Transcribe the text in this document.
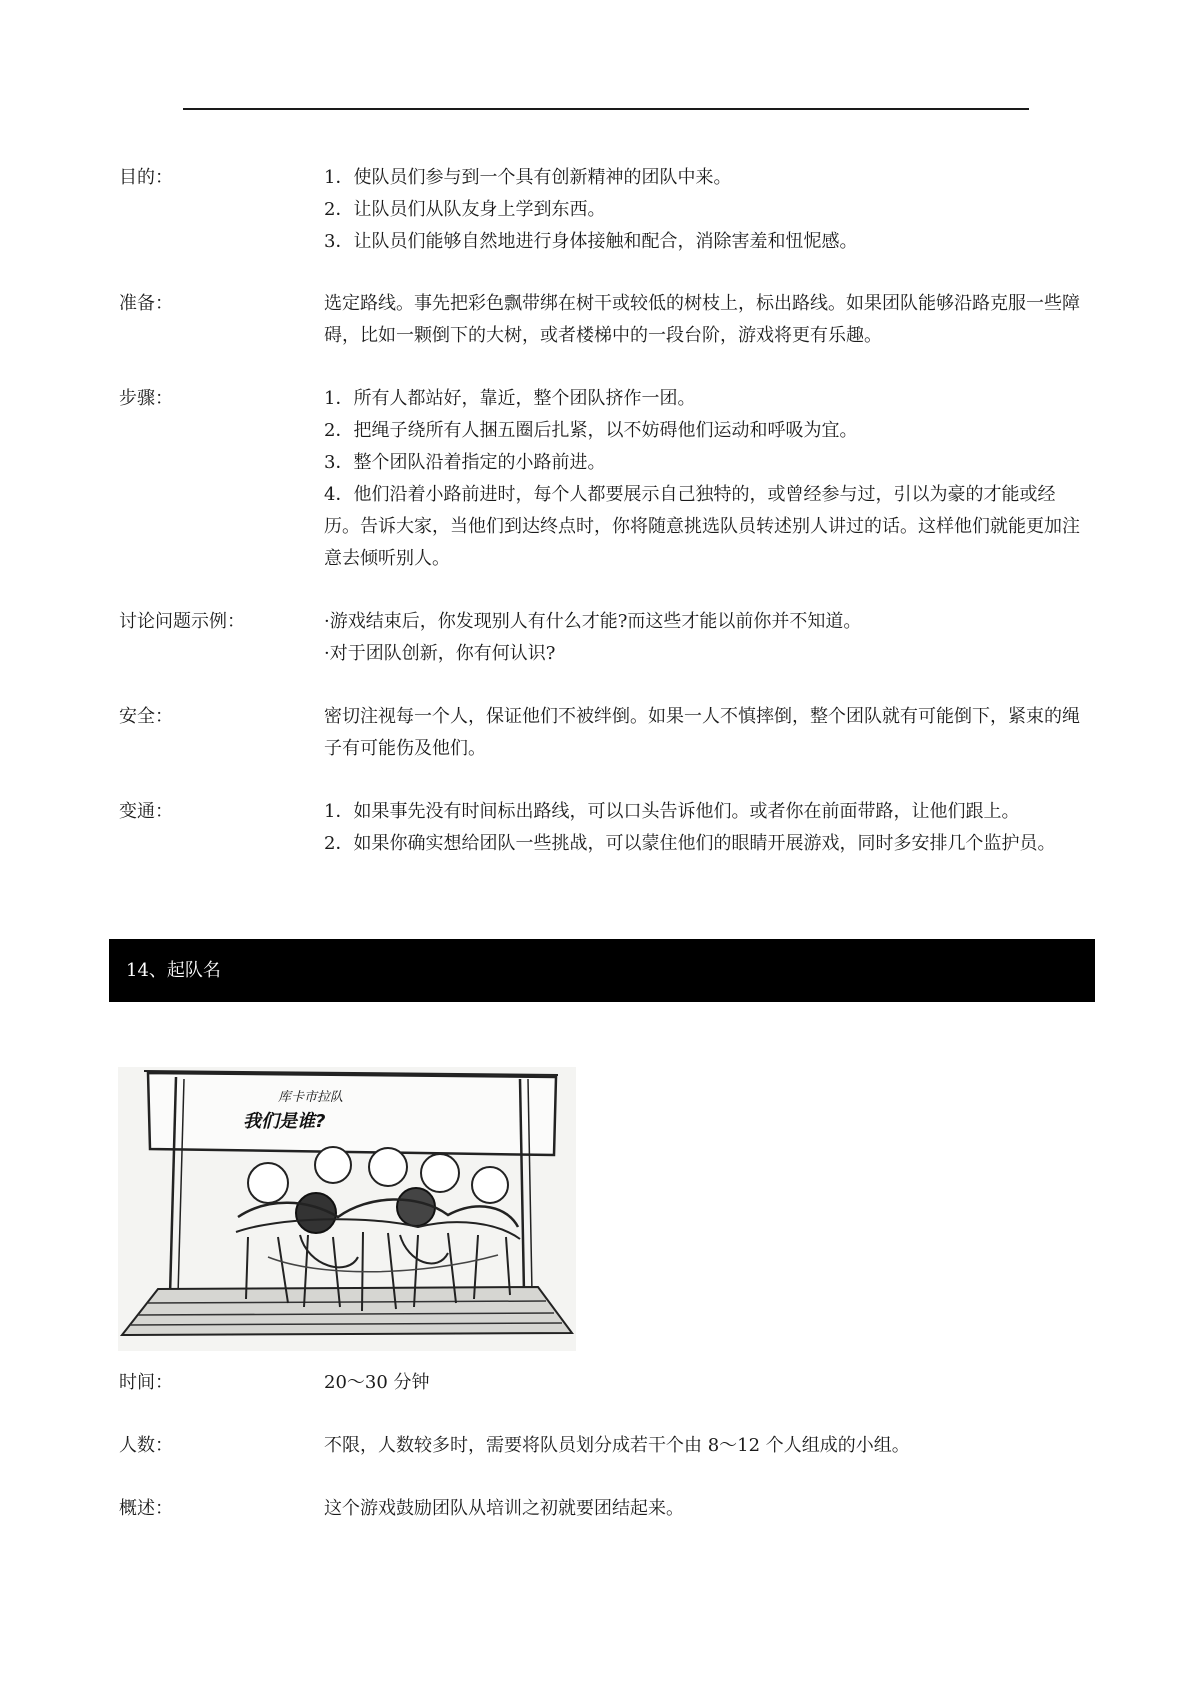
目的：	1．使队员们参与到一个具有创新精神的团队中来。

2．让队员们从队友身上学到东西。

3．让队员们能够自然地进行身体接触和配合，消除害羞和忸怩感。

准备：	选定路线。事先把彩色飘带绑在树干或较低的树枝上，标出路线。如果团队能够沿路克服一些障碍，比如一颗倒下的大树，或者楼梯中的一段台阶，游戏将更有乐趣。

步骤：	1．所有人都站好，靠近，整个团队挤作一团。

2．把绳子绕所有人捆五圈后扎紧，以不妨碍他们运动和呼吸为宜。

3．整个团队沿着指定的小路前进。

4．他们沿着小路前进时，每个人都要展示自己独特的，或曾经参与过，引以为豪的才能或经历。告诉大家，当他们到达终点时，你将随意挑选队员转述别人讲过的话。这样他们就能更加注意去倾听别人。

讨论问题示例：	·游戏结束后，你发现别人有什么才能?而这些才能以前你并不知道。

·对于团队创新，你有何认识?

安全：	密切注视每一个人，保证他们不被绊倒。如果一人不慎摔倒，整个团队就有可能倒下，紧束的绳子有可能伤及他们。

变通：	1．如果事先没有时间标出路线，可以口头告诉他们。或者你在前面带路，让他们跟上。

2．如果你确实想给团队一些挑战，可以蒙住他们的眼睛开展游戏，同时多安排几个监护员。

14、起队名
库卡市拉队
我们是谁?
时间：	20～30 分钟

人数：	不限，人数较多时，需要将队员划分成若干个由 8～12 个人组成的小组。

概述：	这个游戏鼓励团队从培训之初就要团结起来。
